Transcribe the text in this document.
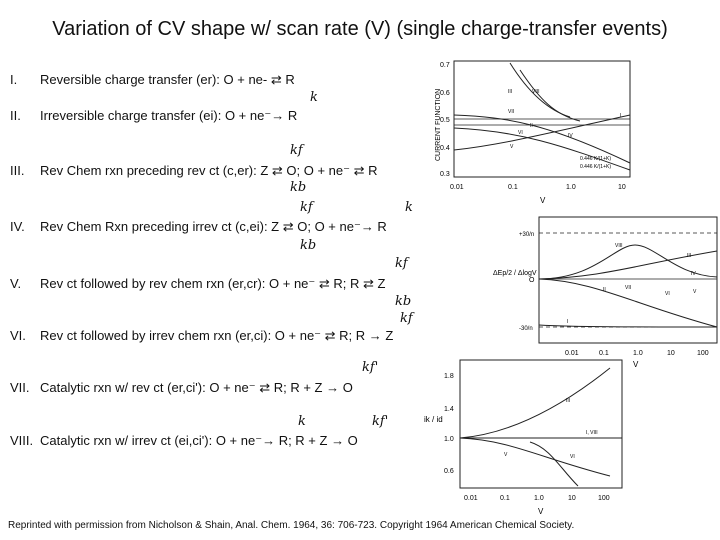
Variation of CV shape w/ scan rate (V) (single charge-transfer events)
I. Reversible charge transfer (er): O + ne- ⇄ R
II. Irreversible charge transfer (ei): O + ne⁻→ R
III. Rev Chem rxn preceding rev ct (c,er): Z ⇄ O; O + ne⁻ ⇄ R
IV. Rev Chem Rxn preceding irrev ct (c,ei): Z ⇄ O; O + ne⁻→ R
V. Rev ct followed by rev chem rxn (er,cr): O + ne⁻ ⇄ R; R ⇄ Z
VI. Rev ct followed by irrev chem rxn (er,ci): O + ne⁻ ⇄ R; R → Z
VII. Catalytic rxn w/ rev ct (er,ci'): O + ne⁻ ⇄ R; R + Z → O
VIII. Catalytic rxn w/ irrev ct (ei,ci'): O + ne⁻→ R; R + Z → O
k
kf
kb
kf	k
kb
kf
kb
kf
kf'
k	kf'
CURRENT FUNCTION
0.7
0.6
0.5
0.4
0.3
0.01	0.1	1.0	10
V
0.446 K/(1+K)
0.446 K/(1+K)
III	VIII
VII
II
I
IV
VI
V
ΔEp/2 / ΔlogV
+30/n
O
-30/n
0.01	0.1	1.0	10	100
V
VIII
III
II
IV
VII
V
VI
I
ik / id
1.8
1.4
1.0
0.6
0.01	0.1	1.0	10	100
V
III
I, VIII
V	VI
Reprinted with permission from Nicholson & Shain, Anal. Chem. 1964, 36: 706-723. Copyright 1964 American Chemical Society.
